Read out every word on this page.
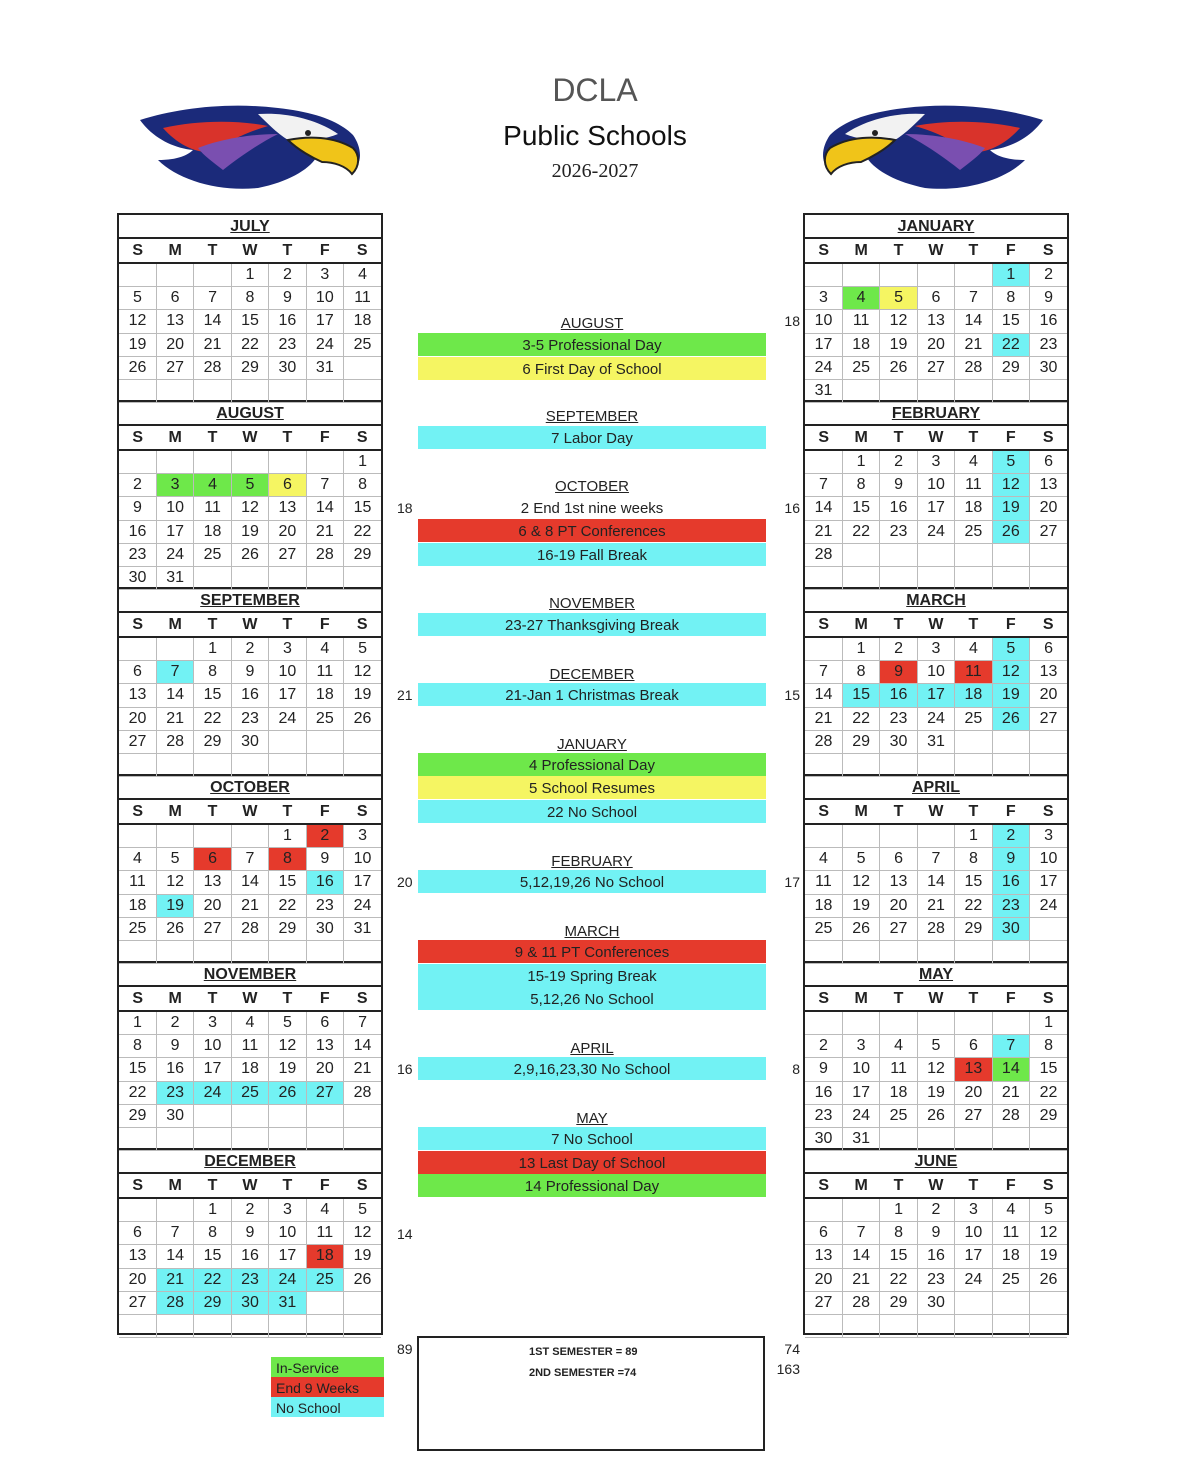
DCLA
Public Schools
2026-2027
JULY
S	M	T	W	T	F	S
			1	2	3	4
5	6	7	8	9	10	11
12	13	14	15	16	17	18
19	20	21	22	23	24	25
26	27	28	29	30	31	

AUGUST
S	M	T	W	T	F	S
						1
2	3	4	5	6	7	8
9	10	11	12	13	14	15
16	17	18	19	20	21	22
23	24	25	26	27	28	29
30	31					
SEPTEMBER
S	M	T	W	T	F	S
		1	2	3	4	5
6	7	8	9	10	11	12
13	14	15	16	17	18	19
20	21	22	23	24	25	26
27	28	29	30			

OCTOBER
S	M	T	W	T	F	S
				1	2	3
4	5	6	7	8	9	10
11	12	13	14	15	16	17
18	19	20	21	22	23	24
25	26	27	28	29	30	31

NOVEMBER
S	M	T	W	T	F	S
1	2	3	4	5	6	7
8	9	10	11	12	13	14
15	16	17	18	19	20	21
22	23	24	25	26	27	28
29	30					

DECEMBER
S	M	T	W	T	F	S
		1	2	3	4	5
6	7	8	9	10	11	12
13	14	15	16	17	18	19
20	21	22	23	24	25	26
27	28	29	30	31		

JANUARY
S	M	T	W	T	F	S
					1	2
3	4	5	6	7	8	9
10	11	12	13	14	15	16
17	18	19	20	21	22	23
24	25	26	27	28	29	30
31						
FEBRUARY
S	M	T	W	T	F	S
	1	2	3	4	5	6
7	8	9	10	11	12	13
14	15	16	17	18	19	20
21	22	23	24	25	26	27
28						

MARCH
S	M	T	W	T	F	S
	1	2	3	4	5	6
7	8	9	10	11	12	13
14	15	16	17	18	19	20
21	22	23	24	25	26	27
28	29	30	31			

APRIL
S	M	T	W	T	F	S
				1	2	3
4	5	6	7	8	9	10
11	12	13	14	15	16	17
18	19	20	21	22	23	24
25	26	27	28	29	30	

MAY
S	M	T	W	T	F	S
						1
2	3	4	5	6	7	8
9	10	11	12	13	14	15
16	17	18	19	20	21	22
23	24	25	26	27	28	29
30	31					
JUNE
S	M	T	W	T	F	S
		1	2	3	4	5
6	7	8	9	10	11	12
13	14	15	16	17	18	19
20	21	22	23	24	25	26
27	28	29	30			

AUGUST
3-5 Professional Day
6 First Day of School
SEPTEMBER
7 Labor Day
OCTOBER
2 End 1st nine weeks
6 & 8 PT Conferences
16-19 Fall Break
NOVEMBER
23-27 Thanksgiving Break
DECEMBER
21-Jan 1 Christmas Break
JANUARY
4 Professional Day
5 School Resumes
22 No School
FEBRUARY
5,12,19,26 No School
MARCH
9 & 11 PT Conferences
15-19 Spring Break
5,12,26 No School
APRIL
2,9,16,23,30 No School
MAY
7 No School
13 Last Day of School
14 Professional Day
18
21
20
16
14
89
18
16
15
17
8
74
163
In-Service
End 9 Weeks
No School
1ST SEMESTER = 89
2ND SEMESTER =74
